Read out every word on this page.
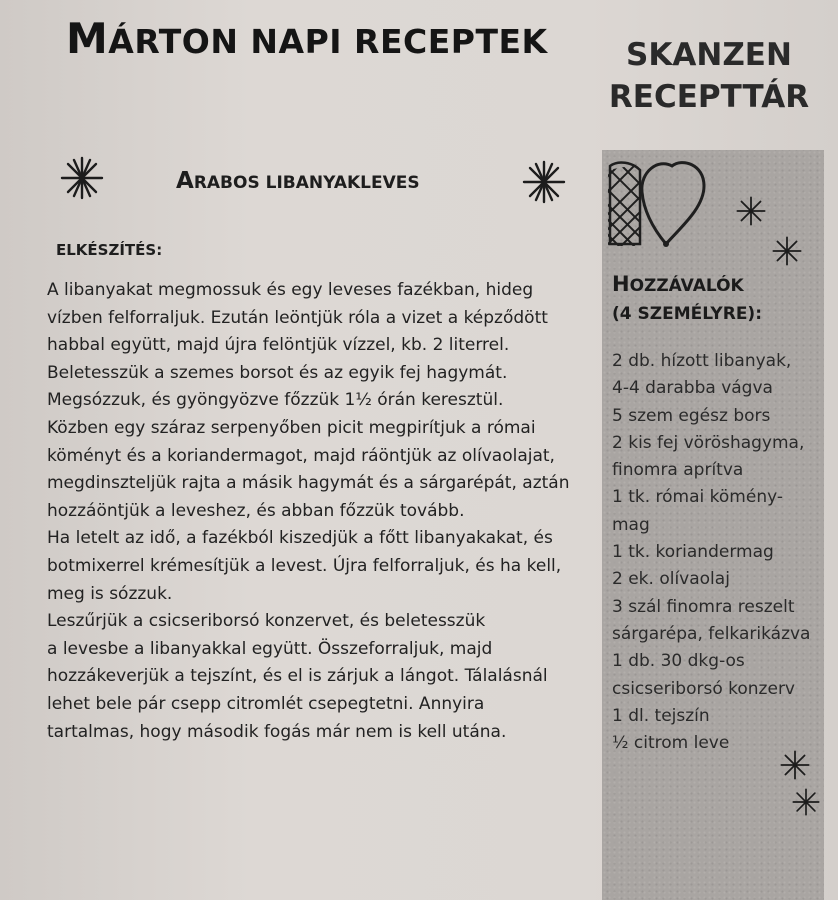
MÁRTON NAPI RECEPTEK	SKANZEN
RECEPTTÁR
ARABOS LIBANYAKLEVES
ELKÉSZÍTÉS:

A libanyakat megmossuk és egy leveses fazékban, hideg

vízben felforraljuk. Ezután leöntjük róla a vizet a képződött

habbal együtt, majd újra felöntjük vízzel, kb. 2 literrel.

Beletesszük a szemes borsot és az egyik fej hagymát.

Megsózzuk, és gyöngyözve főzzük 1½ órán keresztül.

Közben egy száraz serpenyőben picit megpirítjuk a római

köményt és a koriandermagot, majd ráöntjük az olívaolajat,

megdinszteljük rajta a másik hagymát és a sárgarépát, aztán

hozzáöntjük a leveshez, és abban főzzük tovább.

Ha letelt az idő, a fazékból kiszedjük a főtt libanyakakat, és

botmixerrel krémesítjük a levest. Újra felforraljuk, és ha kell,

meg is sózzuk.

Leszűrjük a csicseriborsó konzervet, és beletesszük

a levesbe a libanyakkal együtt. Összeforraljuk, majd

hozzákeverjük a tejszínt, és el is zárjuk a lángot. Tálalásnál

lehet bele pár csepp citromlét csepegtetni. Annyira

tartalmas, hogy második fogás már nem is kell utána.

HOZZÁVALÓK
(4 SZEMÉLYRE):

2 db. hízott libanyak,

4-4 darabba vágva

5 szem egész bors

2 kis fej vöröshagyma,

finomra aprítva

1 tk. római kömény-

mag

1 tk. koriandermag

2 ek. olívaolaj

3 szál finomra reszelt

sárgarépa, felkarikázva

1 db. 30 dkg-os

csicseriborsó konzerv

1 dl. tejszín

½ citrom leve
